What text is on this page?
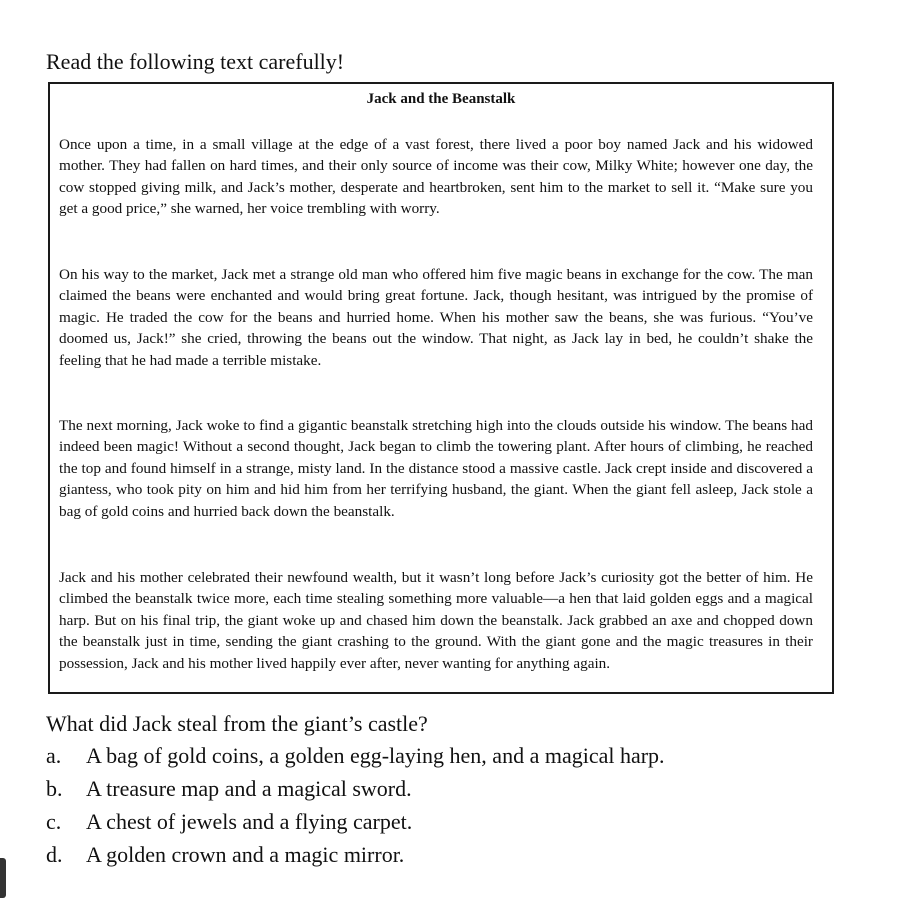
Read the following text carefully!
Jack and the Beanstalk

Once upon a time, in a small village at the edge of a vast forest, there lived a poor boy named Jack and his widowed mother. They had fallen on hard times, and their only source of income was their cow, Milky White; however one day, the cow stopped giving milk, and Jack’s mother, desperate and heartbroken, sent him to the market to sell it. “Make sure you get a good price,” she warned, her voice trembling with worry.

On his way to the market, Jack met a strange old man who offered him five magic beans in exchange for the cow. The man claimed the beans were enchanted and would bring great fortune. Jack, though hesitant, was intrigued by the promise of magic. He traded the cow for the beans and hurried home. When his mother saw the beans, she was furious. “You’ve doomed us, Jack!” she cried, throwing the beans out the window. That night, as Jack lay in bed, he couldn’t shake the feeling that he had made a terrible mistake.

The next morning, Jack woke to find a gigantic beanstalk stretching high into the clouds outside his window. The beans had indeed been magic! Without a second thought, Jack began to climb the towering plant. After hours of climbing, he reached the top and found himself in a strange, misty land. In the distance stood a massive castle. Jack crept inside and discovered a giantess, who took pity on him and hid him from her terrifying husband, the giant. When the giant fell asleep, Jack stole a bag of gold coins and hurried back down the beanstalk.

Jack and his mother celebrated their newfound wealth, but it wasn’t long before Jack’s curiosity got the better of him. He climbed the beanstalk twice more, each time stealing something more valuable—a hen that laid golden eggs and a magical harp. But on his final trip, the giant woke up and chased him down the beanstalk. Jack grabbed an axe and chopped down the beanstalk just in time, sending the giant crashing to the ground. With the giant gone and the magic treasures in their possession, Jack and his mother lived happily ever after, never wanting for anything again.

What did Jack steal from the giant’s castle?

a.	A bag of gold coins, a golden egg-laying hen, and a magical harp.
b.	A treasure map and a magical sword.
c.	A chest of jewels and a flying carpet.
d.	A golden crown and a magic mirror.
